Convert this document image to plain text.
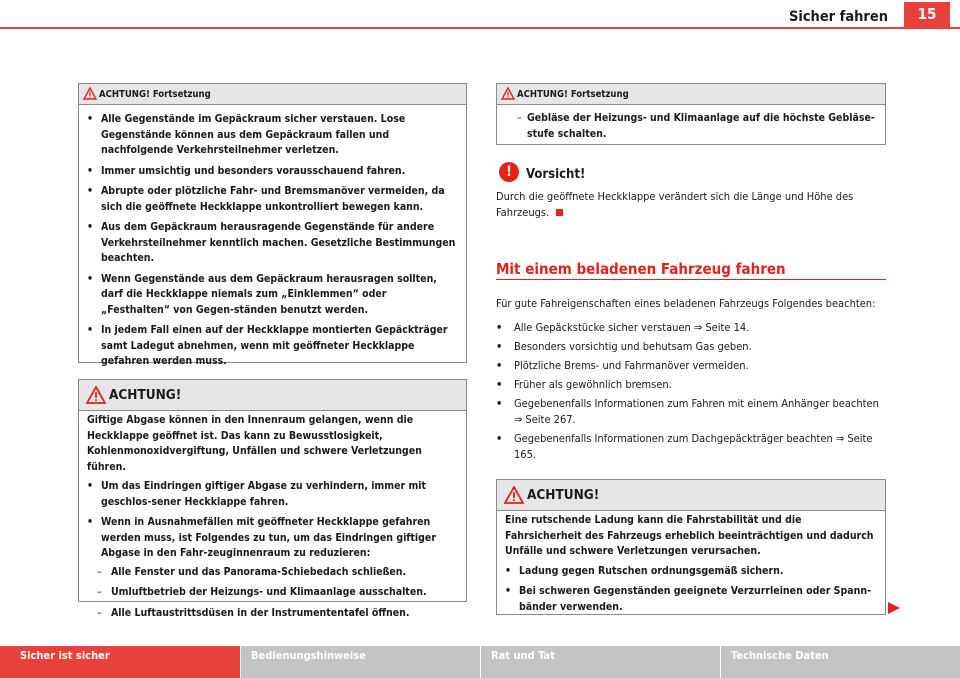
Sicher fahren	15
ACHTUNG! Fortsetzung
• Alle Gegenstände im Gepäckraum sicher verstauen. Lose Gegenstände können aus dem Gepäckraum fallen und nachfolgende Verkehrsteilnehmer verletzen.
• Immer umsichtig und besonders vorausschauend fahren.
• Abrupte oder plötzliche Fahr- und Bremsmanöver vermeiden, da sich die geöffnete Heckklappe unkontrolliert bewegen kann.
• Aus dem Gepäckraum herausragende Gegenstände für andere Verkehrsteilnehmer kenntlich machen. Gesetzliche Bestimmungen beachten.
• Wenn Gegenstände aus dem Gepäckraum herausragen sollten, darf die Heckklappe niemals zum „Einklemmen“ oder „Festhalten“ von Gegen-ständen benutzt werden.
• In jedem Fall einen auf der Heckklappe montierten Gepäckträger samt Ladegut abnehmen, wenn mit geöffneter Heckklappe gefahren werden muss.
ACHTUNG!

Giftige Abgase können in den Innenraum gelangen, wenn die Heckklappe geöffnet ist. Das kann zu Bewusstlosigkeit, Kohlenmonoxidvergiftung, Unfällen und schwere Verletzungen führen.

• Um das Eindringen giftiger Abgase zu verhindern, immer mit geschlos-sener Heckklappe fahren.
• Wenn in Ausnahmefällen mit geöffneter Heckklappe gefahren werden muss, ist Folgendes zu tun, um das Eindringen giftiger Abgase in den Fahr-zeuginnenraum zu reduzieren:
– Alle Fenster und das Panorama-Schiebedach schließen.
– Umluftbetrieb der Heizungs- und Klimaanlage ausschalten.
– Alle Luftaustrittsdüsen in der Instrumententafel öffnen.
ACHTUNG! Fortsetzung
– Gebläse der Heizungs- und Klimaanlage auf die höchste Gebläse-stufe schalten.
!	Vorsicht!
Durch die geöffnete Heckklappe verändert sich die Länge und Höhe des Fahrzeugs.
Mit einem beladenen Fahrzeug fahren
Für gute Fahreigenschaften eines beladenen Fahrzeugs Folgendes beachten:
• Alle Gepäckstücke sicher verstauen ⇒ Seite 14.
• Besonders vorsichtig und behutsam Gas geben.
• Plötzliche Brems- und Fahrmanöver vermeiden.
• Früher als gewöhnlich bremsen.
• Gegebenenfalls Informationen zum Fahren mit einem Anhänger beachten ⇒ Seite 267.
• Gegebenenfalls Informationen zum Dachgepäckträger beachten ⇒ Seite 165.
ACHTUNG!

Eine rutschende Ladung kann die Fahrstabilität und die Fahrsicherheit des Fahrzeugs erheblich beeinträchtigen und dadurch Unfälle und schwere Verletzungen verursachen.

• Ladung gegen Rutschen ordnungsgemäß sichern.
• Bei schweren Gegenständen geeignete Verzurrleinen oder Spann-bänder verwenden.
Sicher ist sicher	Bedienungshinweise	Rat und Tat	Technische Daten
